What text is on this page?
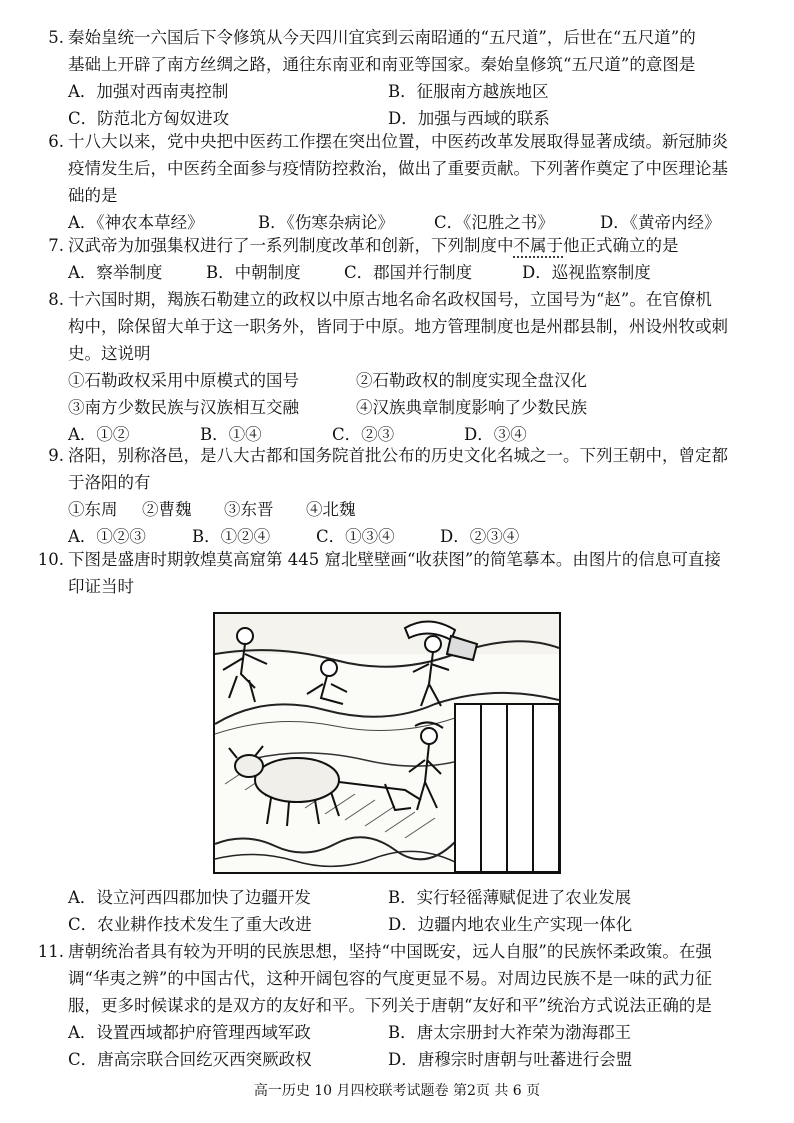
5. 秦始皇统一六国后下令修筑从今天四川宜宾到云南昭通的“五尺道”，后世在“五尺道”的
基础上开辟了南方丝绸之路，通往东南亚和南亚等国家。秦始皇修筑“五尺道”的意图是
A．加强对西南夷控制	B．征服南方越族地区
C．防范北方匈奴进攻	D．加强与西域的联系
6. 十八大以来，党中央把中医药工作摆在突出位置，中医药改革发展取得显著成绩。新冠肺炎
疫情发生后，中医药全面参与疫情防控救治，做出了重要贡献。下列著作奠定了中医理论基
础的是
A．《神农本草经》	B．《伤寒杂病论》	C．《氾胜之书》	D．《黄帝内经》
7. 汉武帝为加强集权进行了一系列制度改革和创新，下列制度中不属于他正式确立的是
A．察举制度	B．中朝制度	C．郡国并行制度	D．巡视监察制度
8. 十六国时期，羯族石勒建立的政权以中原古地名命名政权国号，立国号为“赵”。在官僚机
构中，除保留大单于这一职务外，皆同于中原。地方管理制度也是州郡县制，州设州牧或刺
史。这说明
①石勒政权采用中原模式的国号	②石勒政权的制度实现全盘汉化
③南方少数民族与汉族相互交融	④汉族典章制度影响了少数民族
A．①②	B．①④	C．②③	D．③④
9. 洛阳，别称洛邑，是八大古都和国务院首批公布的历史文化名城之一。下列王朝中，曾定都
于洛阳的有
①东周	②曹魏	③东晋	④北魏
A．①②③	B．①②④	C．①③④	D．②③④
10. 下图是盛唐时期敦煌莫高窟第 445 窟北壁壁画“收获图”的简笔摹本。由图片的信息可直接
印证当时
A．设立河西四郡加快了边疆开发	B．实行轻徭薄赋促进了农业发展
C．农业耕作技术发生了重大改进	D．边疆内地农业生产实现一体化
11. 唐朝统治者具有较为开明的民族思想，坚持“中国既安，远人自服”的民族怀柔政策。在强
调“华夷之辨”的中国古代，这种开阔包容的气度更显不易。对周边民族不是一味的武力征
服，更多时候谋求的是双方的友好和平。下列关于唐朝“友好和平”统治方式说法正确的是
A．设置西域都护府管理西域军政	B．唐太宗册封大祚荣为渤海郡王
C．唐高宗联合回纥灭西突厥政权	D．唐穆宗时唐朝与吐蕃进行会盟
高一历史 10 月四校联考试题卷 第2页 共 6 页
